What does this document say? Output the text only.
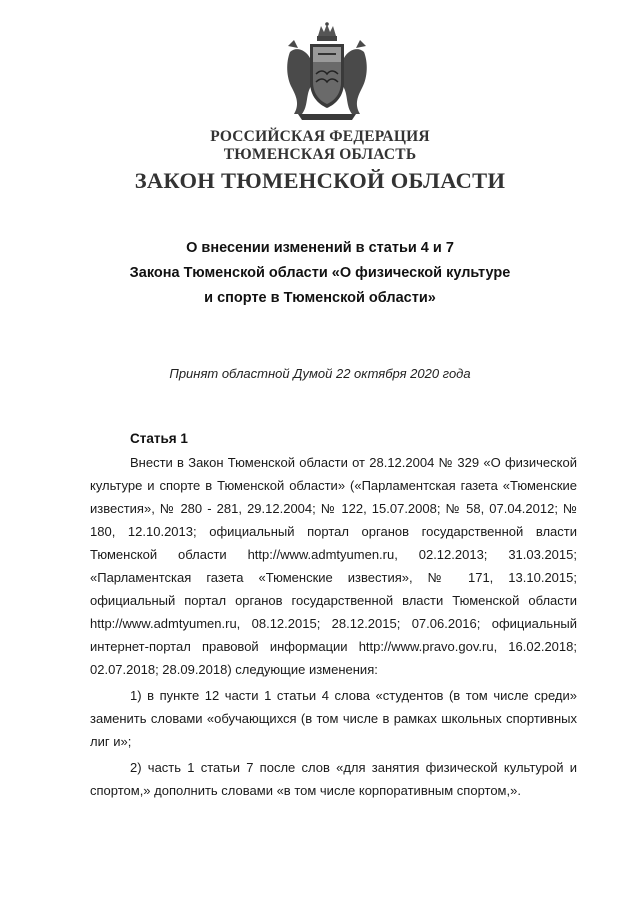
РОССИЙСКАЯ ФЕДЕРАЦИЯ

ТЮМЕНСКАЯ ОБЛАСТЬ

ЗАКОН ТЮМЕНСКОЙ ОБЛАСТИ

О внесении изменений в статьи 4 и 7

Закона Тюменской области «О физической культуре

и спорте в Тюменской области»

Принят областной Думой 22 октября 2020 года

Статья 1

Внести в Закон Тюменской области от 28.12.2004 № 329 «О физической культуре и спорте в Тюменской области» («Парламентская газета «Тюменские известия», № 280 - 281, 29.12.2004; № 122, 15.07.2008; № 58, 07.04.2012; № 180, 12.10.2013; официальный портал органов государственной власти Тюменской области http://www.admtyumen.ru, 02.12.2013; 31.03.2015; «Парламентская газета «Тюменские известия», № 171, 13.10.2015; официальный портал органов государственной власти Тюменской области http://www.admtyumen.ru, 08.12.2015; 28.12.2015; 07.06.2016; официальный интернет-портал правовой информации http://www.pravo.gov.ru, 16.02.2018; 02.07.2018; 28.09.2018) следующие изменения:

1) в пункте 12 части 1 статьи 4 слова «студентов (в том числе среди» заменить словами «обучающихся (в том числе в рамках школьных спортивных лиг и»;

2) часть 1 статьи 7 после слов «для занятия физической культурой и спортом,» дополнить словами «в том числе корпоративным спортом,».
